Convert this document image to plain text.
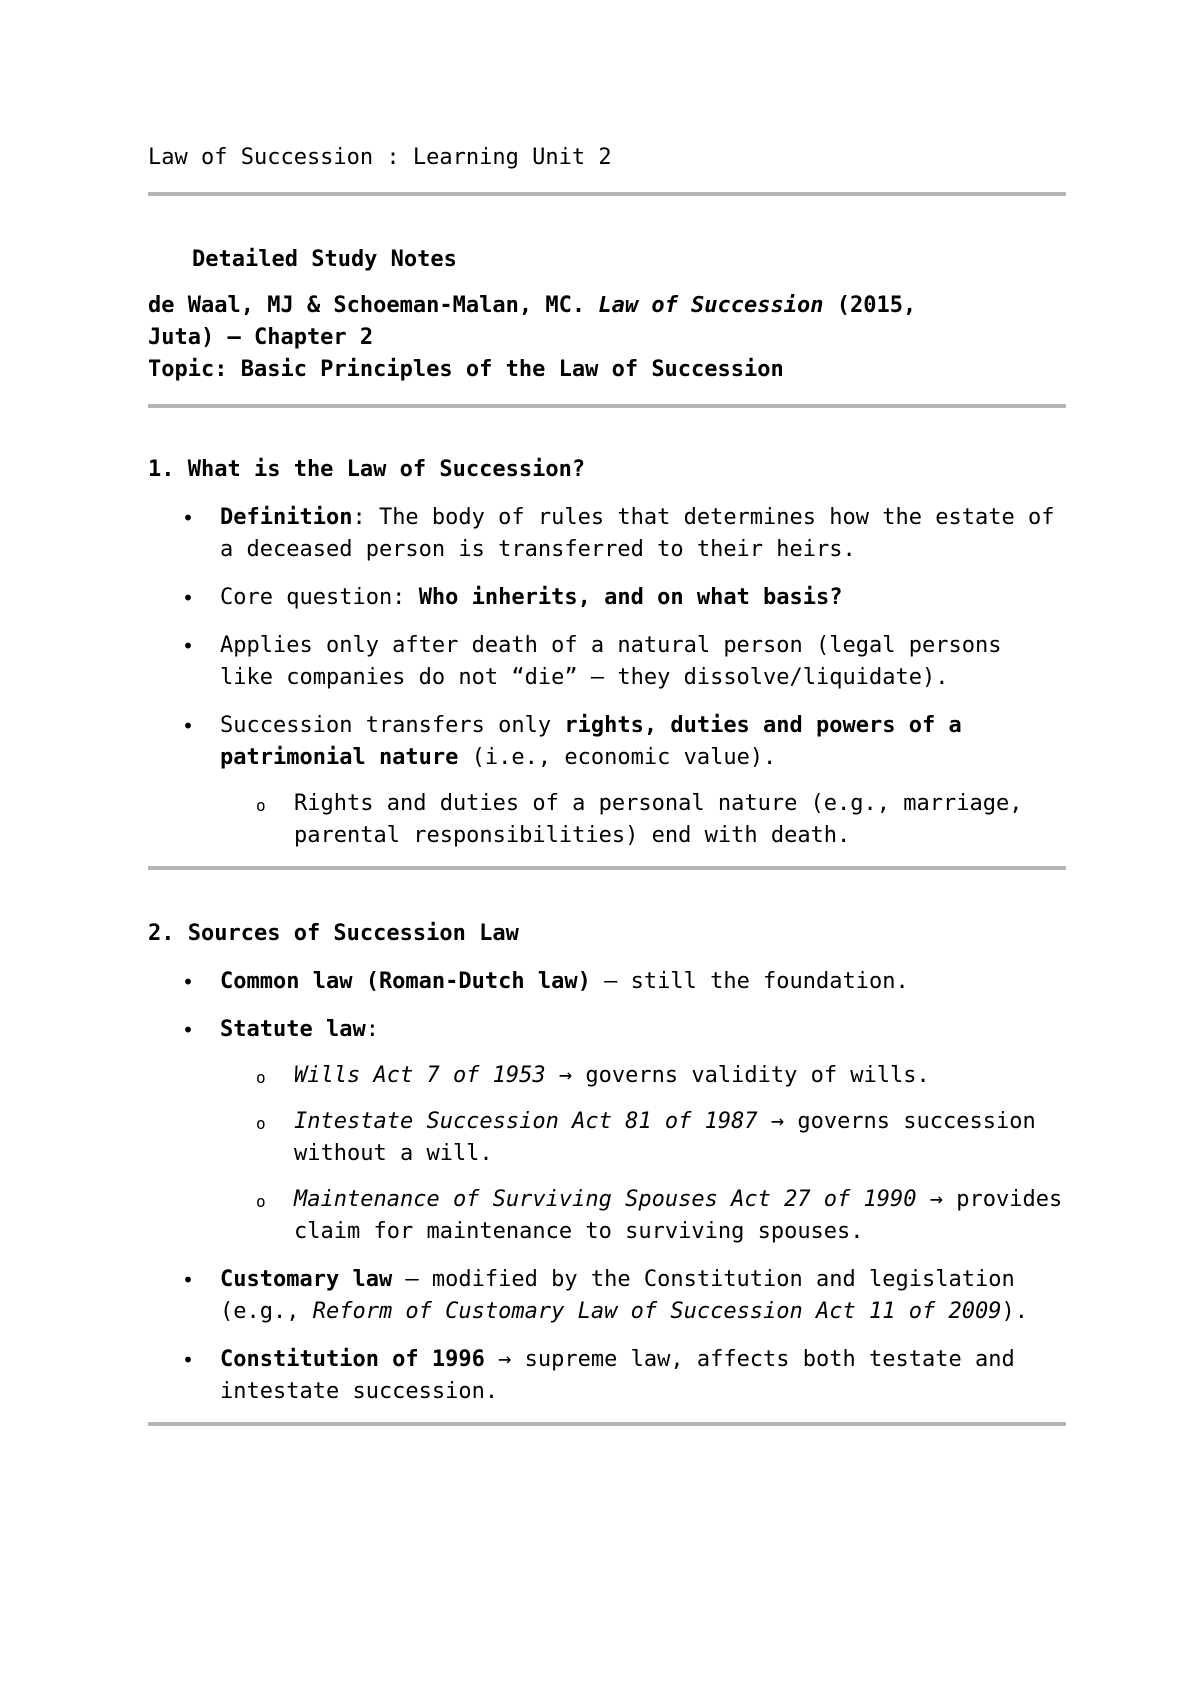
Law of Succession : Learning Unit 2
Detailed Study Notes
de Waal, MJ & Schoeman-Malan, MC. Law of Succession (2015,
Juta) – Chapter 2
Topic: Basic Principles of the Law of Succession
1. What is the Law of Succession?
• Definition: The body of rules that determines how the estate of a deceased person is transferred to their heirs.
• Core question: Who inherits, and on what basis?
• Applies only after death of a natural person (legal persons like companies do not “die” – they dissolve/liquidate).
• Succession transfers only rights, duties and powers of a patrimonial nature (i.e., economic value).
o Rights and duties of a personal nature (e.g., marriage, parental responsibilities) end with death.
2. Sources of Succession Law
• Common law (Roman-Dutch law) – still the foundation.
• Statute law:
o Wills Act 7 of 1953 → governs validity of wills.
o Intestate Succession Act 81 of 1987 → governs succession without a will.
o Maintenance of Surviving Spouses Act 27 of 1990 → provides claim for maintenance to surviving spouses.
• Customary law – modified by the Constitution and legislation (e.g., Reform of Customary Law of Succession Act 11 of 2009).
• Constitution of 1996 → supreme law, affects both testate and intestate succession.
